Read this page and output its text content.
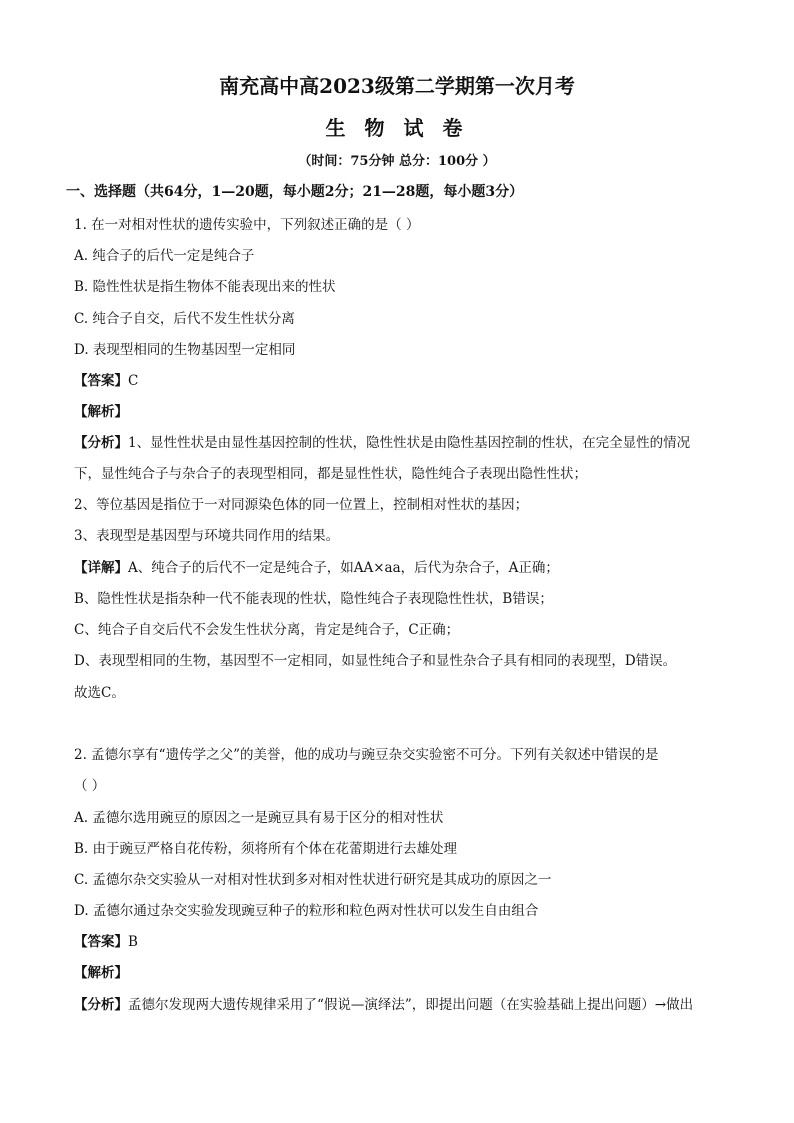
南充高中高2023级第二学期第一次月考
生 物 试 卷
（时间：75分钟 总分：100分 ）
一、选择题（共64分，1—20题，每小题2分；21—28题，每小题3分）
1. 在一对相对性状的遗传实验中，下列叙述正确的是（ ）
A. 纯合子的后代一定是纯合子
B. 隐性性状是指生物体不能表现出来的性状
C. 纯合子自交，后代不发生性状分离
D. 表现型相同的生物基因型一定相同
【答案】C
【解析】
【分析】1、显性性状是由显性基因控制的性状，隐性性状是由隐性基因控制的性状，在完全显性的情况
下，显性纯合子与杂合子的表现型相同，都是显性性状，隐性纯合子表现出隐性性状；
2、等位基因是指位于一对同源染色体的同一位置上，控制相对性状的基因；
3、表现型是基因型与环境共同作用的结果。
【详解】A、纯合子的后代不一定是纯合子，如AA×aa，后代为杂合子，A正确；
B、隐性性状是指杂种一代不能表现的性状，隐性纯合子表现隐性性状，B错误；
C、纯合子自交后代不会发生性状分离，肯定是纯合子，C正确；
D、表现型相同的生物，基因型不一定相同，如显性纯合子和显性杂合子具有相同的表现型，D错误。
故选C。
2. 孟德尔享有“遗传学之父”的美誉，他的成功与豌豆杂交实验密不可分。下列有关叙述中错误的是
（ ）
A. 孟德尔选用豌豆的原因之一是豌豆具有易于区分的相对性状
B. 由于豌豆严格自花传粉，须将所有个体在花蕾期进行去雄处理
C. 孟德尔杂交实验从一对相对性状到多对相对性状进行研究是其成功的原因之一
D. 孟德尔通过杂交实验发现豌豆种子的粒形和粒色两对性状可以发生自由组合
【答案】B
【解析】
【分析】孟德尔发现两大遗传规律采用了“假说—演绎法”，即提出问题（在实验基础上提出问题）→做出
